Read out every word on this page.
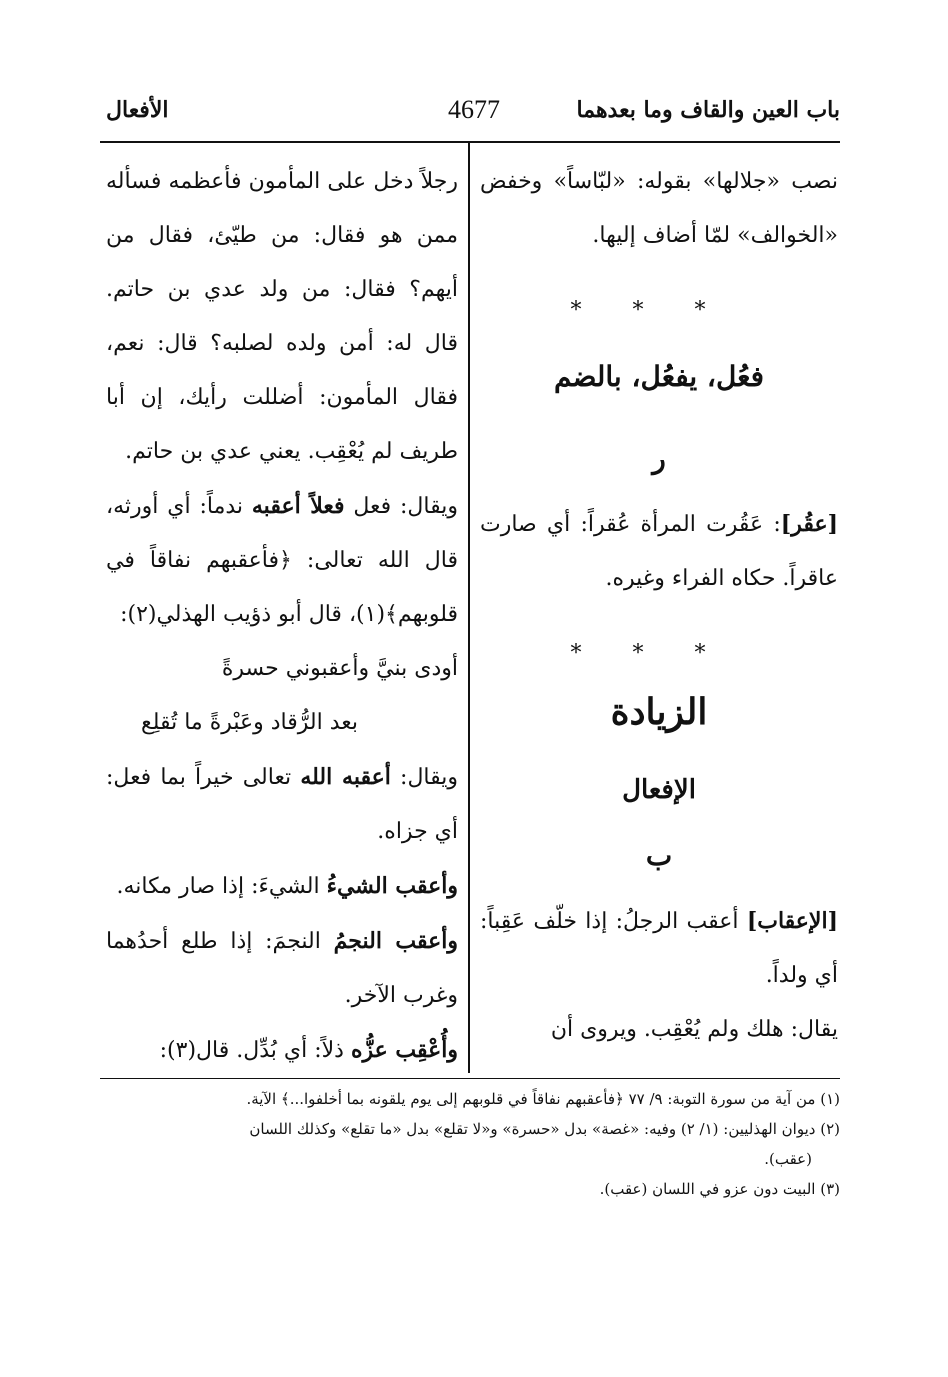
باب العين والقاف وما بعدهما
4677
الأفعال

نصب «جلالها» بقوله: «لبّاساً» وخفض «الخوالف» لمّا أضاف إليها.

* * *
فعُل، يفعُل، بالضم
ر

[عقُر]: عَقُرت المرأة عُقراً: أي صارت عاقراً. حكاه الفراء وغيره.

* * *
الزيادة
الإفعال
ب

[الإعقاب] أعقب الرجلُ: إذا خلّف عَقِباً: أي ولداً.

يقال: هلك ولم يُعْقِب. ويروى أن

رجلاً دخل على المأمون فأعظمه فسأله ممن هو فقال: من طيّئ، فقال من أيهم؟ فقال: من ولد عدي بن حاتم. قال له: أمن ولده لصلبه؟ قال: نعم، فقال المأمون: أضللت رأيك، إن أبا طريف لم يُعْقِب. يعني عدي بن حاتم.

ويقال: فعل فعلاً أعقبه ندماً: أي أورثه، قال الله تعالى: ﴿فأعقبهم نفاقاً في قلوبهم﴾(١)، قال أبو ذؤيب الهذلي(٢):

أودى بنيَّ وأعقبوني حسرةً
بعد الرُّقاد وعَبْرةً ما تُقلِع

ويقال: أعقبه الله تعالى خيراً بما فعل: أي جزاه.

وأعقب الشيءُ الشيءَ: إذا صار مكانه.

وأعقب النجمُ النجمَ: إذا طلع أحدُهما وغرب الآخر.

وأُعْقِب عزُّه ذلاً: أي بُدِّل. قال(٣):

(١) من آية من سورة التوبة: ٩/ ٧٧ ﴿فأعقبهم نفاقاً في قلوبهم إلى يوم يلقونه بما أخلفوا...﴾ الآية.

(٢) ديوان الهذليين: (١/ ٢) وفيه: «غصة» بدل «حسرة» و«لا تقلع» بدل «ما تقلع» وكذلك اللسان

(عقب).

(٣) البيت دون عزو في اللسان (عقب).
